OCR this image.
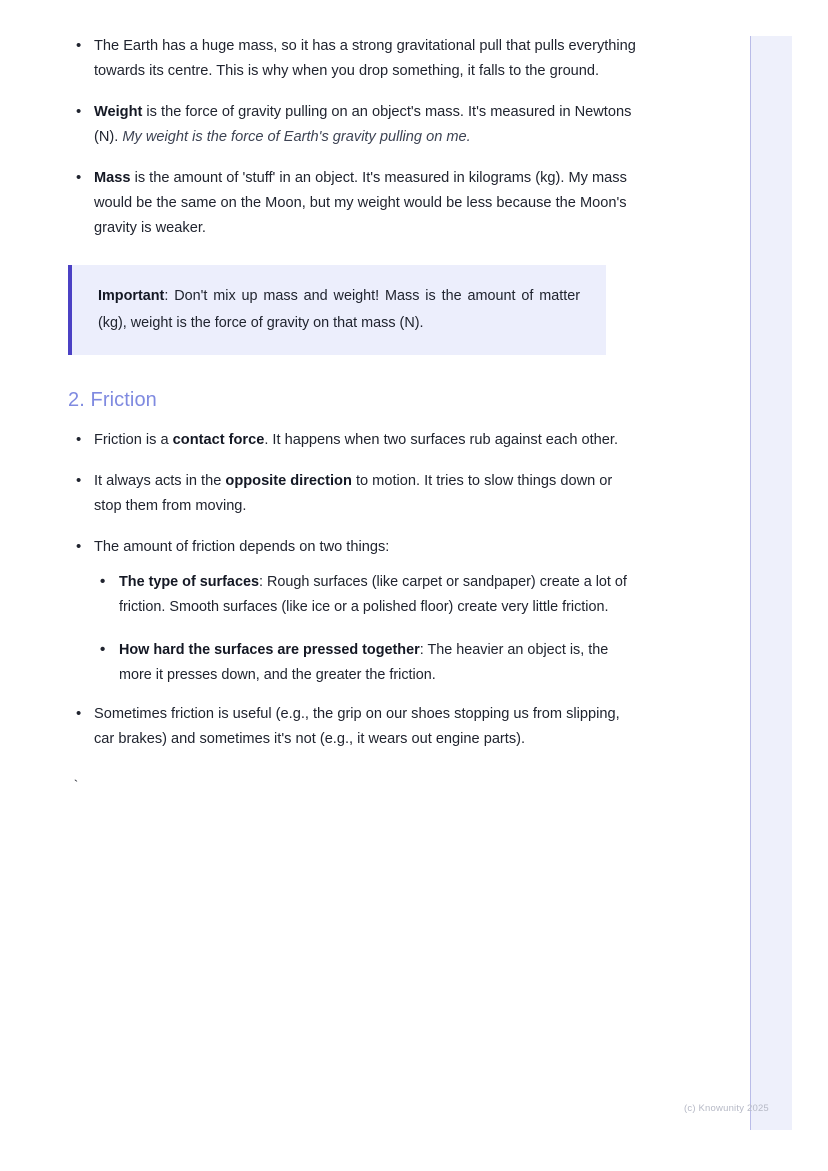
• The Earth has a huge mass, so it has a strong gravitational pull that pulls everything towards its centre. This is why when you drop something, it falls to the ground.
• Weight is the force of gravity pulling on an object's mass. It's measured in Newtons (N). My weight is the force of Earth's gravity pulling on me.
• Mass is the amount of 'stuff' in an object. It's measured in kilograms (kg). My mass would be the same on the Moon, but my weight would be less because the Moon's gravity is weaker.
Important: Don't mix up mass and weight! Mass is the amount of matter (kg), weight is the force of gravity on that mass (N).
2. Friction
• Friction is a contact force. It happens when two surfaces rub against each other.
• It always acts in the opposite direction to motion. It tries to slow things down or stop them from moving.
• The amount of friction depends on two things:
• The type of surfaces: Rough surfaces (like carpet or sandpaper) create a lot of friction. Smooth surfaces (like ice or a polished floor) create very little friction.
• How hard the surfaces are pressed together: The heavier an object is, the more it presses down, and the greater the friction.
• Sometimes friction is useful (e.g., the grip on our shoes stopping us from slipping, car brakes) and sometimes it's not (e.g., it wears out engine parts).
`
(c) Knowunity 2025
